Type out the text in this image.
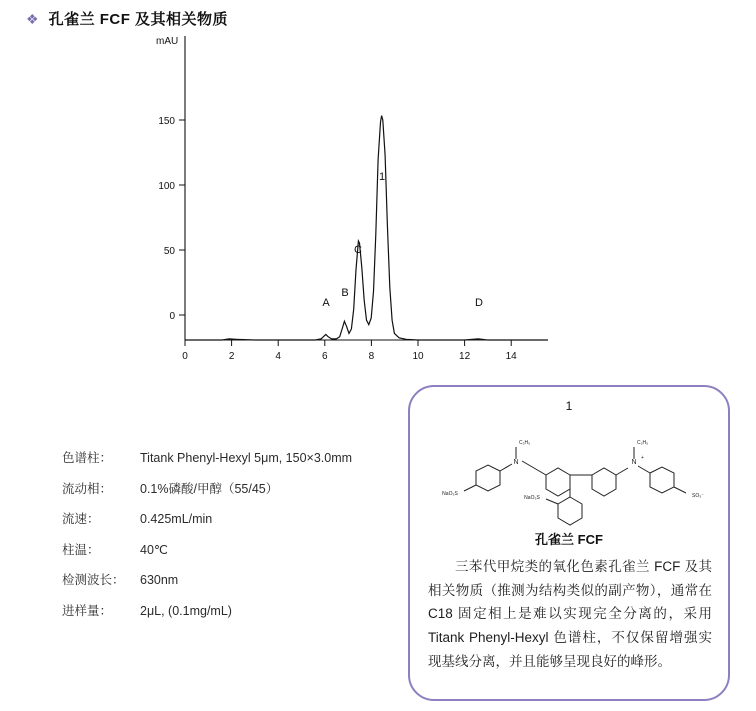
❖ 孔雀兰 FCF 及其相关物质
0
50
100
150
mAU
0	2	4	6	8	10	12	14
A
B
C
1
D
色谱柱：	Titank Phenyl-Hexyl 5μm, 150×3.0mm
流动相：	0.1%磷酸/甲醇（55/45）
流速：	0.425mL/min
柱温：	40℃
检测波长：	630nm
进样量：	2μL, (0.1mg/mL)
1
N
C₂H₅
NaO₃S
N
+
C₂H₅
SO₃⁻
NaO₃S
孔雀兰 FCF
三苯代甲烷类的氧化色素孔雀兰 FCF 及其相关物质（推测为结构类似的副产物），通常在 C18 固定相上是难以实现完全分离的，采用 Titank Phenyl-Hexyl 色谱柱，不仅保留增强实现基线分离，并且能够呈现良好的峰形。
